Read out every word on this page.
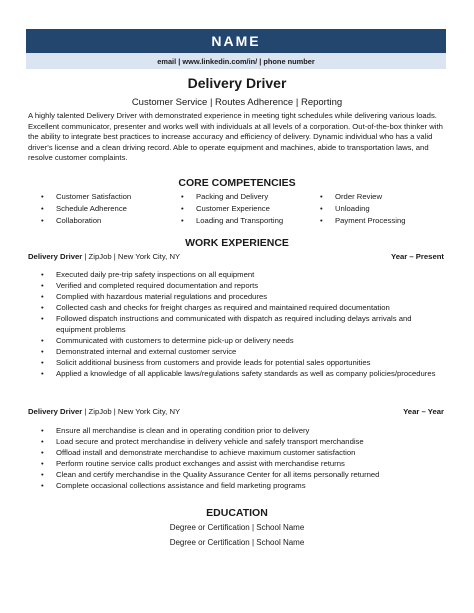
NAME
email | www.linkedin.com/in/ | phone number
Delivery Driver
Customer Service | Routes Adherence | Reporting
A highly talented Delivery Driver with demonstrated experience in meeting tight schedules while delivering various loads. Excellent communicator, presenter and works well with individuals at all levels of a corporation. Out-of-the-box thinker with the ability to integrate best practices to increase accuracy and efficiency of delivery. Dynamic individual who has a valid driver's license and a clean driving record. Able to operate equipment and machines, abide to transportation laws, and resolve customer complaints.
CORE COMPETENCIES
• Customer Satisfaction
• Schedule Adherence
• Collaboration
• Packing and Delivery
• Customer Experience
• Loading and Transporting
• Order Review
• Unloading
• Payment Processing
WORK EXPERIENCE
Delivery Driver | ZipJob | New York City, NY	Year – Present
• Executed daily pre-trip safety inspections on all equipment
• Verified and completed required documentation and reports
• Complied with hazardous material regulations and procedures
• Collected cash and checks for freight charges as required and maintained required documentation
• Followed dispatch instructions and communicated with dispatch as required including delays arrivals and equipment problems
• Communicated with customers to determine pick-up or delivery needs
• Demonstrated internal and external customer service
• Solicit additional business from customers and provide leads for potential sales opportunities
• Applied a knowledge of all applicable laws/regulations safety standards as well as company policies/procedures
Delivery Driver | ZipJob | New York City, NY	Year – Year
• Ensure all merchandise is clean and in operating condition prior to delivery
• Load secure and protect merchandise in delivery vehicle and safely transport merchandise
• Offload install and demonstrate merchandise to achieve maximum customer satisfaction
• Perform routine service calls product exchanges and assist with merchandise returns
• Clean and certify merchandise in the Quality Assurance Center for all items personally returned
• Complete occasional collections assistance and field marketing programs
EDUCATION
Degree or Certification | School Name
Degree or Certification | School Name
